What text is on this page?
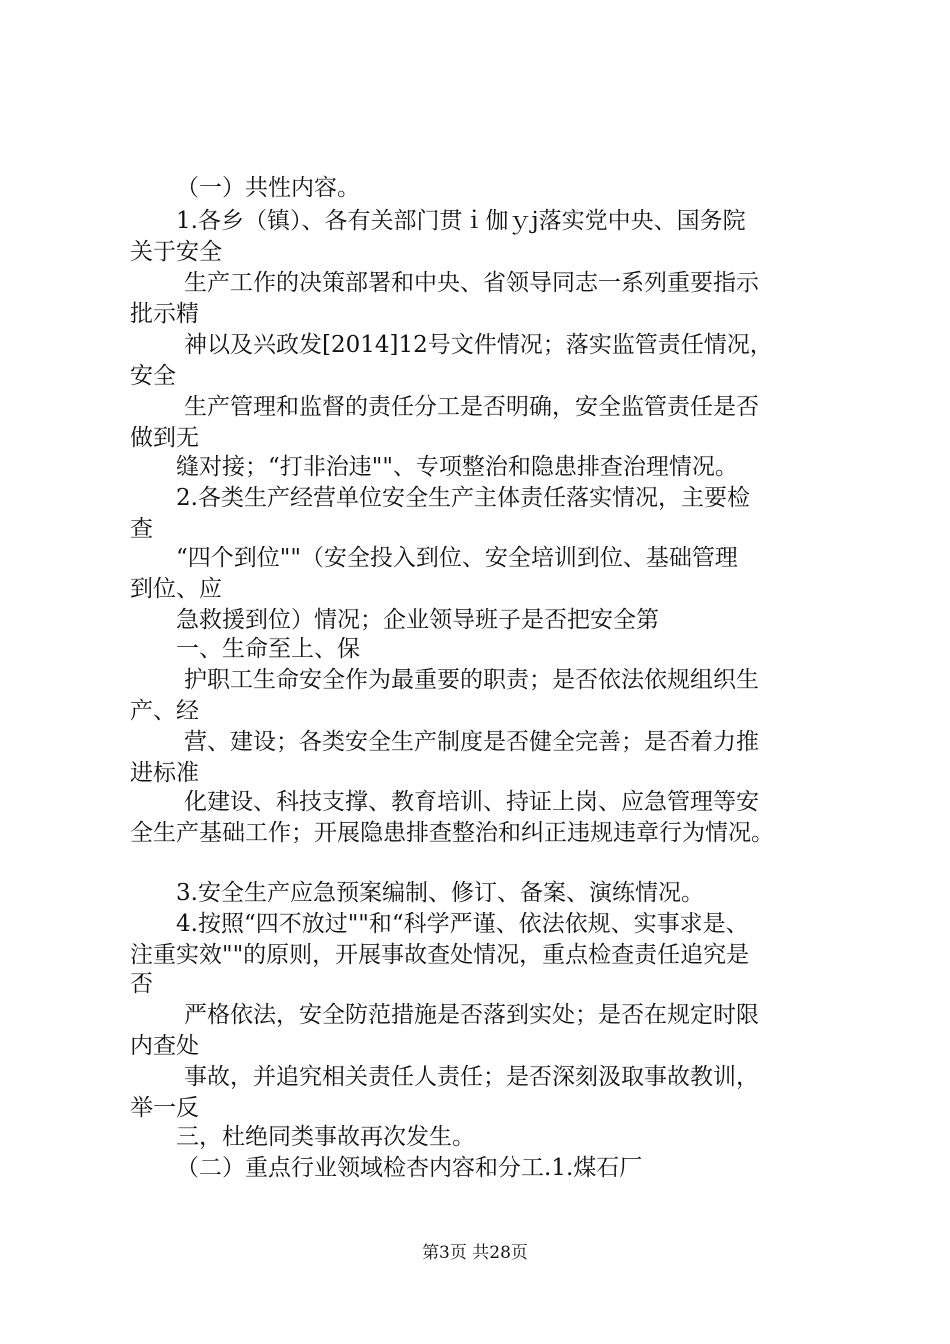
（一）共性内容。
1.各乡（镇）、各有关部门贯ｉ伽ｙj落实党中央、国务院
关于安全
生产工作的决策部署和中央、省领导同志一系列重要指示
批示精
神以及兴政发[2014]12号文件情况；落实监管责任情况，
安全
生产管理和监督的责任分工是否明确，安全监管责任是否
做到无
缝对接；“打非治违""、专项整治和隐患排查治理情况。
2.各类生产经营单位安全生产主体责任落实情况，主要检
查
“四个到位""（安全投入到位、安全培训到位、基础管理
到位、应
急救援到位）情况；企业领导班子是否把安全第
一、生命至上、保
护职工生命安全作为最重要的职责；是否依法依规组织生
产、经
营、建设；各类安全生产制度是否健全完善；是否着力推
进标准
化建设、科技支撑、教育培训、持证上岗、应急管理等安
全生产基础工作；开展隐患排查整治和纠正违规违章行为情况。
3.安全生产应急预案编制、修订、备案、演练情况。
4.按照“四不放过""和“科学严谨、依法依规、实事求是、
注重实效""的原则，开展事故查处情况，重点检查责任追究是
否
严格依法，安全防范措施是否落到实处；是否在规定时限
内查处
事故，并追究相关责任人责任；是否深刻汲取事故教训，
举一反
三，杜绝同类事故再次发生。
（二）重点行业领域检杏内容和分工.1.煤石厂
第3页 共28页
